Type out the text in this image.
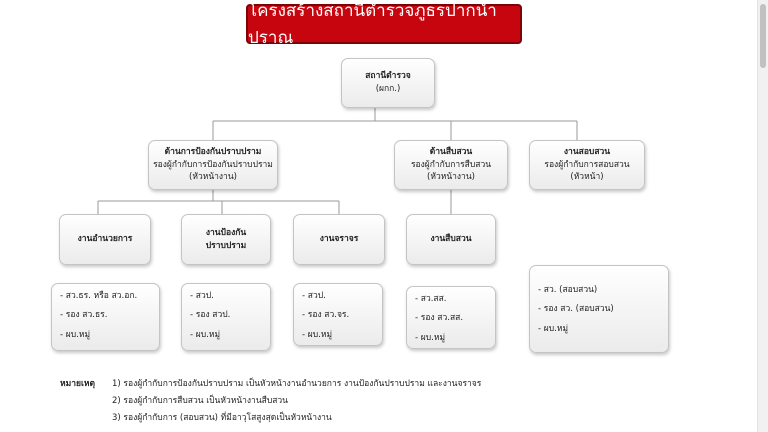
โครงสร้างสถานีตำรวจภูธรปากน้ำปราณ
สถานีตำรวจ
(ผกก.)
ด้านการป้องกันปราบปราม
รองผู้กำกับการป้องกันปราบปราม
(หัวหน้างาน)
ด้านสืบสวน
รองผู้กำกับการสืบสวน
(หัวหน้างาน)
งานสอบสวน
รองผู้กำกับการสอบสวน
(หัวหน้า)
งานอำนวยการ
งานป้องกัน
ปราบปราม
งานจราจร	งานสืบสวน
- สว.ธร. หรือ สว.อก.
- รอง สว.ธร.
- ผบ.หมู่
- สวป.
- รอง สวป.
- ผบ.หมู่
- สวป.
- รอง สว.จร.
- ผบ.หมู่
- สว.สส.
- รอง สว.สส.
- ผบ.หมู่
- สว. (สอบสวน)
- รอง สว. (สอบสวน)
- ผบ.หมู่
หมายเหตุ 1) รองผู้กำกับการป้องกันปราบปราม เป็นหัวหน้างานอำนวยการ งานป้องกันปราบปราม และงานจราจร
2) รองผู้กำกับการสืบสวน เป็นหัวหน้างานสืบสวน
3) รองผู้กำกับการ (สอบสวน) ที่มีอาวุโสสูงสุดเป็นหัวหน้างาน
